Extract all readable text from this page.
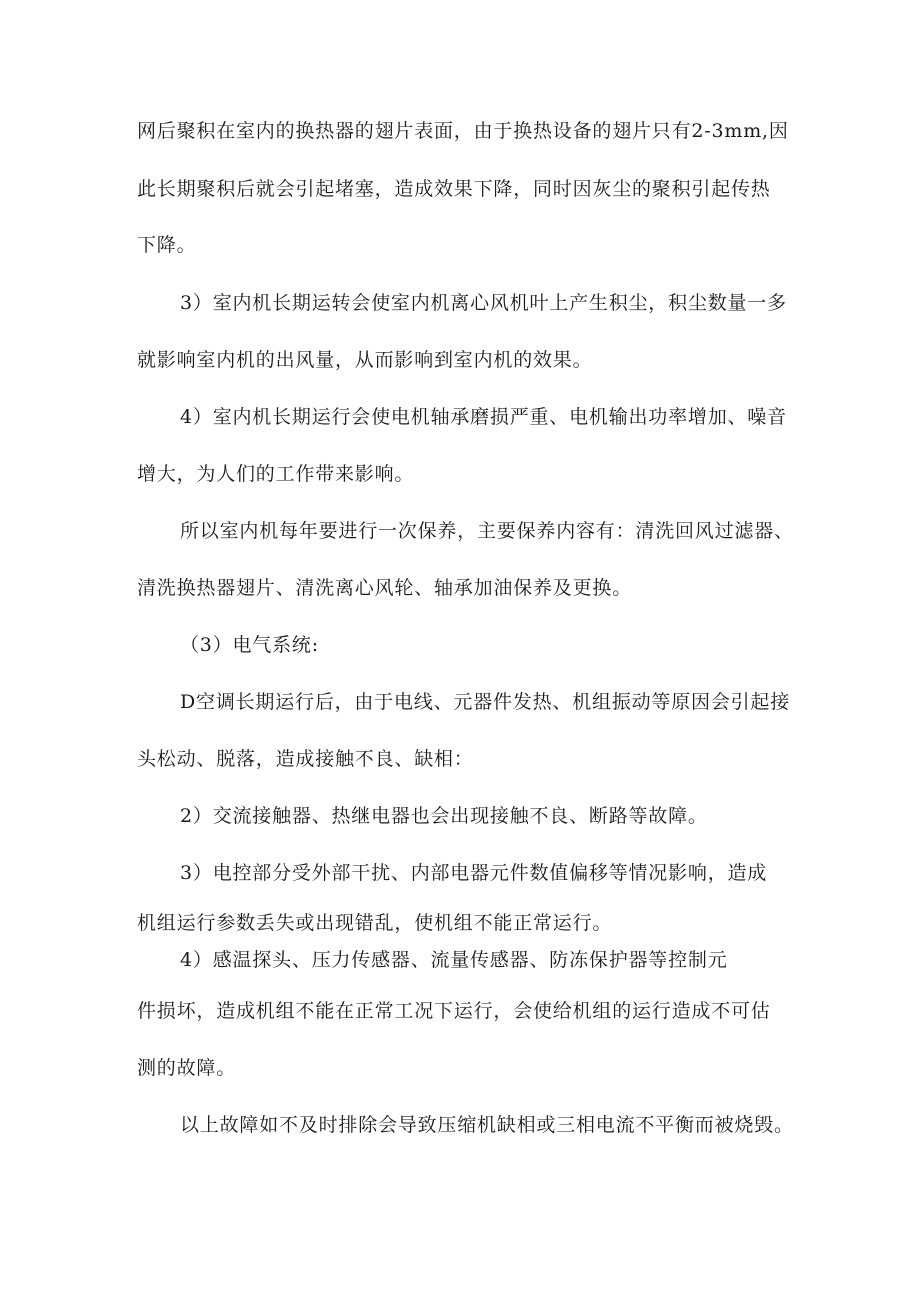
网后聚积在室内的换热器的翅片表面，由于换热设备的翅片只有2-3mm,因
此长期聚积后就会引起堵塞，造成效果下降，同时因灰尘的聚积引起传热
下降。
3）室内机长期运转会使室内机离心风机叶上产生积尘，积尘数量一多
就影响室内机的出风量，从而影响到室内机的效果。
4）室内机长期运行会使电机轴承磨损严重、电机输出功率增加、噪音
增大，为人们的工作带来影响。
所以室内机每年要进行一次保养，主要保养内容有：清洗回风过滤器、
清洗换热器翅片、清洗离心风轮、轴承加油保养及更换。
（3）电气系统:
D空调长期运行后，由于电线、元器件发热、机组振动等原因会引起接
头松动、脱落，造成接触不良、缺相：
2）交流接触器、热继电器也会出现接触不良、断路等故障。
3）电控部分受外部干扰、内部电器元件数值偏移等情况影响，造成
机组运行参数丢失或出现错乱，使机组不能正常运行。
4）感温探头、压力传感器、流量传感器、防冻保护器等控制元
件损坏，造成机组不能在正常工况下运行，会使给机组的运行造成不可估
测的故障。
以上故障如不及时排除会导致压缩机缺相或三相电流不平衡而被烧毁。
